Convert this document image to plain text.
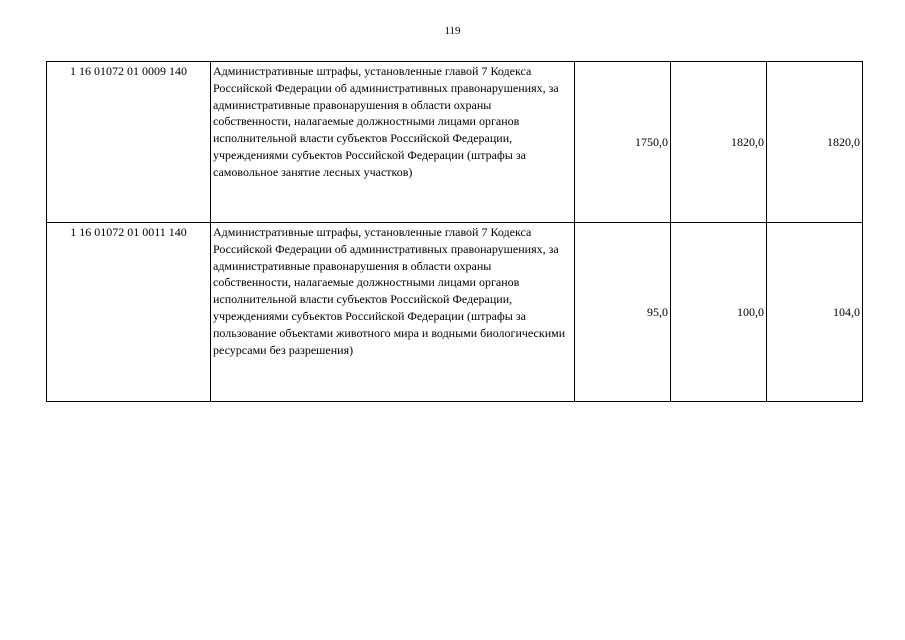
119
1 16 01072 01 0009 140	Административные штрафы, установленные главой 7 Кодекса Российской Федерации об административных правонарушениях, за административные правонарушения в области охраны собственности, налагаемые должностными лицами органов исполнительной власти субъектов Российской Федерации, учреждениями субъектов Российской Федерации (штрафы за самовольное занятие лесных участков)	1750,0	1820,0	1820,0
1 16 01072 01 0011 140	Административные штрафы, установленные главой 7 Кодекса Российской Федерации об административных правонарушениях, за административные правонарушения в области охраны собственности, налагаемые должностными лицами органов исполнительной власти субъектов Российской Федерации, учреждениями субъектов Российской Федерации (штрафы за пользование объектами животного мира и водными биологическими ресурсами без разрешения)	95,0	100,0	104,0
